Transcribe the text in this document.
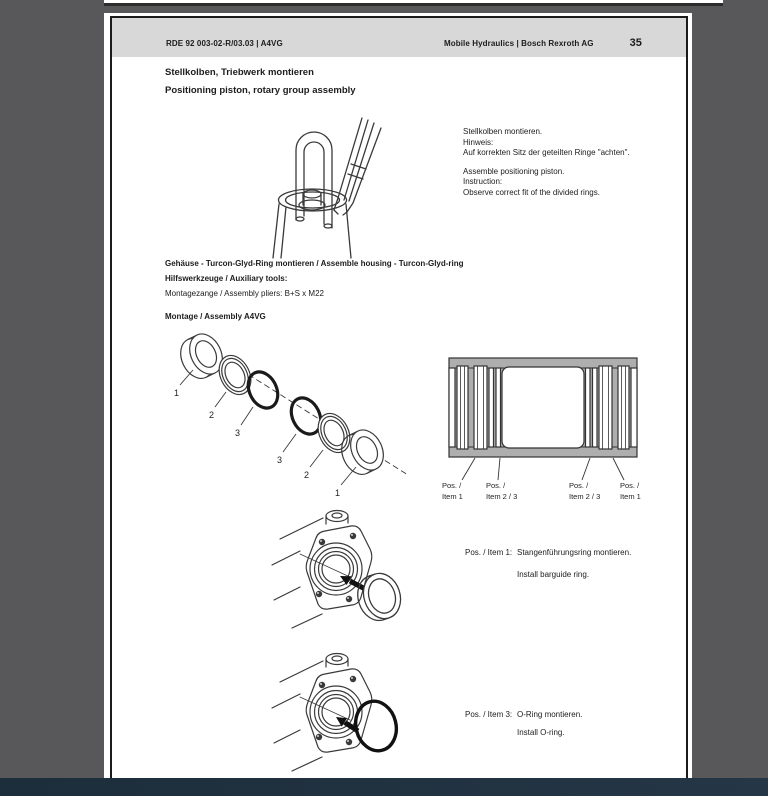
RDE 92 003-02-R/03.03 | A4VG	Mobile Hydraulics | Bosch Rexroth AG	35
Stellkolben, Triebwerk montieren
Positioning piston, rotary group assembly
Stellkolben montieren.
Hinweis:
Auf korrekten Sitz der geteilten Ringe "achten".
Assemble positioning piston.
Instruction:
Observe correct fit of the divided rings.
Gehäuse - Turcon-Glyd-Ring montieren / Assemble housing - Turcon-Glyd-ring
Hilfswerkzeuge / Auxiliary tools:
Montagezange / Assembly pliers: B+S x M22
Montage / Assembly A4VG
1
2
3
3
2
1
Pos. /
Item 1
Pos. /
Item 2 / 3
Pos. /
Item 2 / 3
Pos. /
Item 1
Pos. / Item 1: Stangenführungsring montieren.
Install barguide ring.
Pos. / Item 3: O-Ring montieren.
Install O-ring.
